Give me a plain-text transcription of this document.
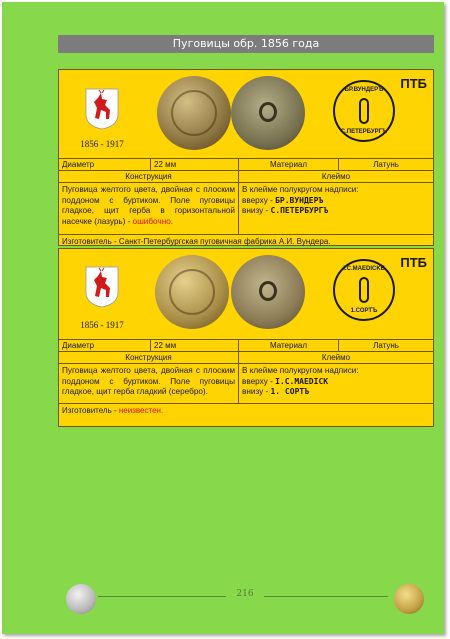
Пуговицы обр. 1856 года
1856 - 1917
БР.ВУНДЕРЪ
С.ПЕТЕРБУРГЪ
ПТБ
Диаметр	22 мм	Материал	Латунь
Конструкция	Клеймо
Пуговица желтого цвета, двойная с плоским поддоном с буртиком. Поле пуговицы гладкое, щит герба в горизонтальной насечке (лазурь) - ошибочно.
В клейме полукругом надписи:
вверху - БР.ВУНДЕРЪ
внизу - С.ПЕТЕРБУРГЪ
Изготовитель - Санкт-Петербургская пуговичная фабрика А.И. Вундера.
1856 - 1917
I.C.MAEDICKE
1.СОРТЪ
ПТБ
Диаметр	22 мм	Материал	Латунь
Конструкция	Клеймо
Пуговица желтого цвета, двойная с плоским поддоном с буртиком. Поле пуговицы гладкое, щит герба гладкий (серебро).
В клейме полукругом надписи:
вверху - I.C.MAEDICK
внизу - 1. СОРТЪ
Изготовитель - неизвестен.
216
